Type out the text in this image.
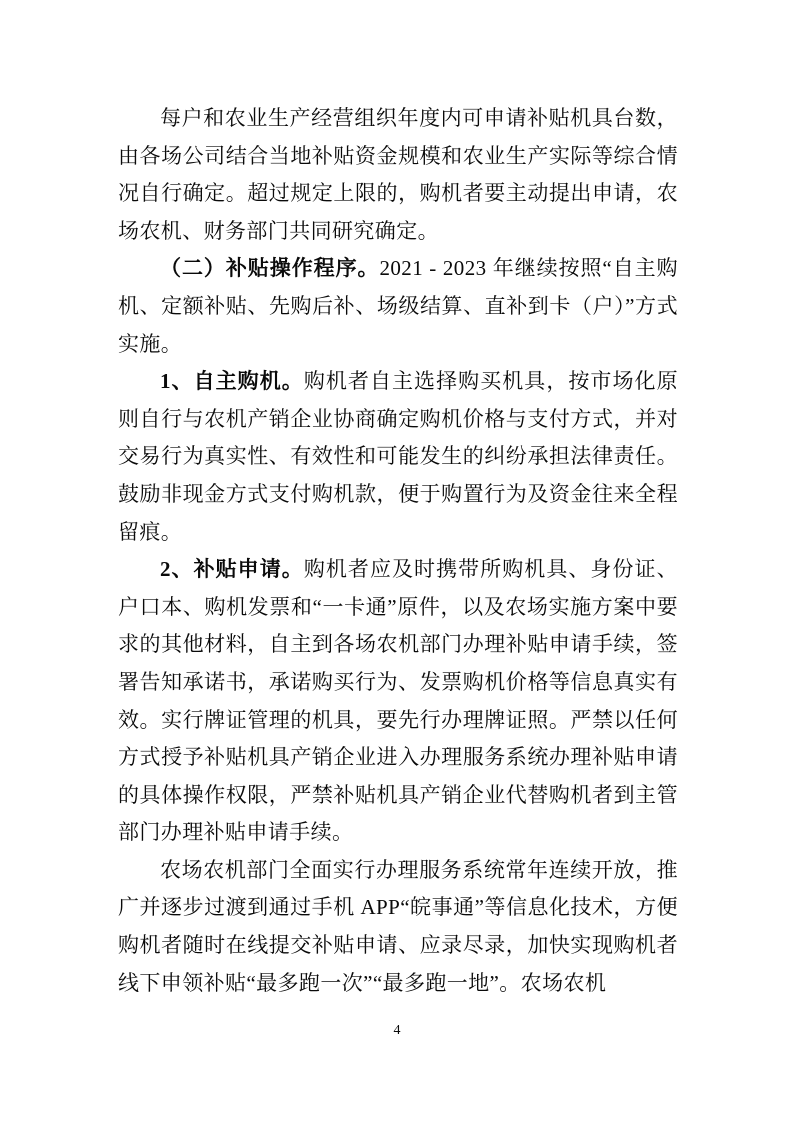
每户和农业生产经营组织年度内可申请补贴机具台数，由各场公司结合当地补贴资金规模和农业生产实际等综合情况自行确定。超过规定上限的，购机者要主动提出申请，农场农机、财务部门共同研究确定。

（二）补贴操作程序。2021 - 2023 年继续按照“自主购机、定额补贴、先购后补、场级结算、直补到卡（户）”方式实施。

1、自主购机。购机者自主选择购买机具，按市场化原则自行与农机产销企业协商确定购机价格与支付方式，并对交易行为真实性、有效性和可能发生的纠纷承担法律责任。鼓励非现金方式支付购机款，便于购置行为及资金往来全程留痕。

2、补贴申请。购机者应及时携带所购机具、身份证、户口本、购机发票和“一卡通”原件，以及农场实施方案中要求的其他材料，自主到各场农机部门办理补贴申请手续，签署告知承诺书，承诺购买行为、发票购机价格等信息真实有效。实行牌证管理的机具，要先行办理牌证照。严禁以任何方式授予补贴机具产销企业进入办理服务系统办理补贴申请的具体操作权限，严禁补贴机具产销企业代替购机者到主管部门办理补贴申请手续。

农场农机部门全面实行办理服务系统常年连续开放，推广并逐步过渡到通过手机 APP“皖事通”等信息化技术，方便购机者随时在线提交补贴申请、应录尽录，加快实现购机者线下申领补贴“最多跑一次”“最多跑一地”。农场农机

4
